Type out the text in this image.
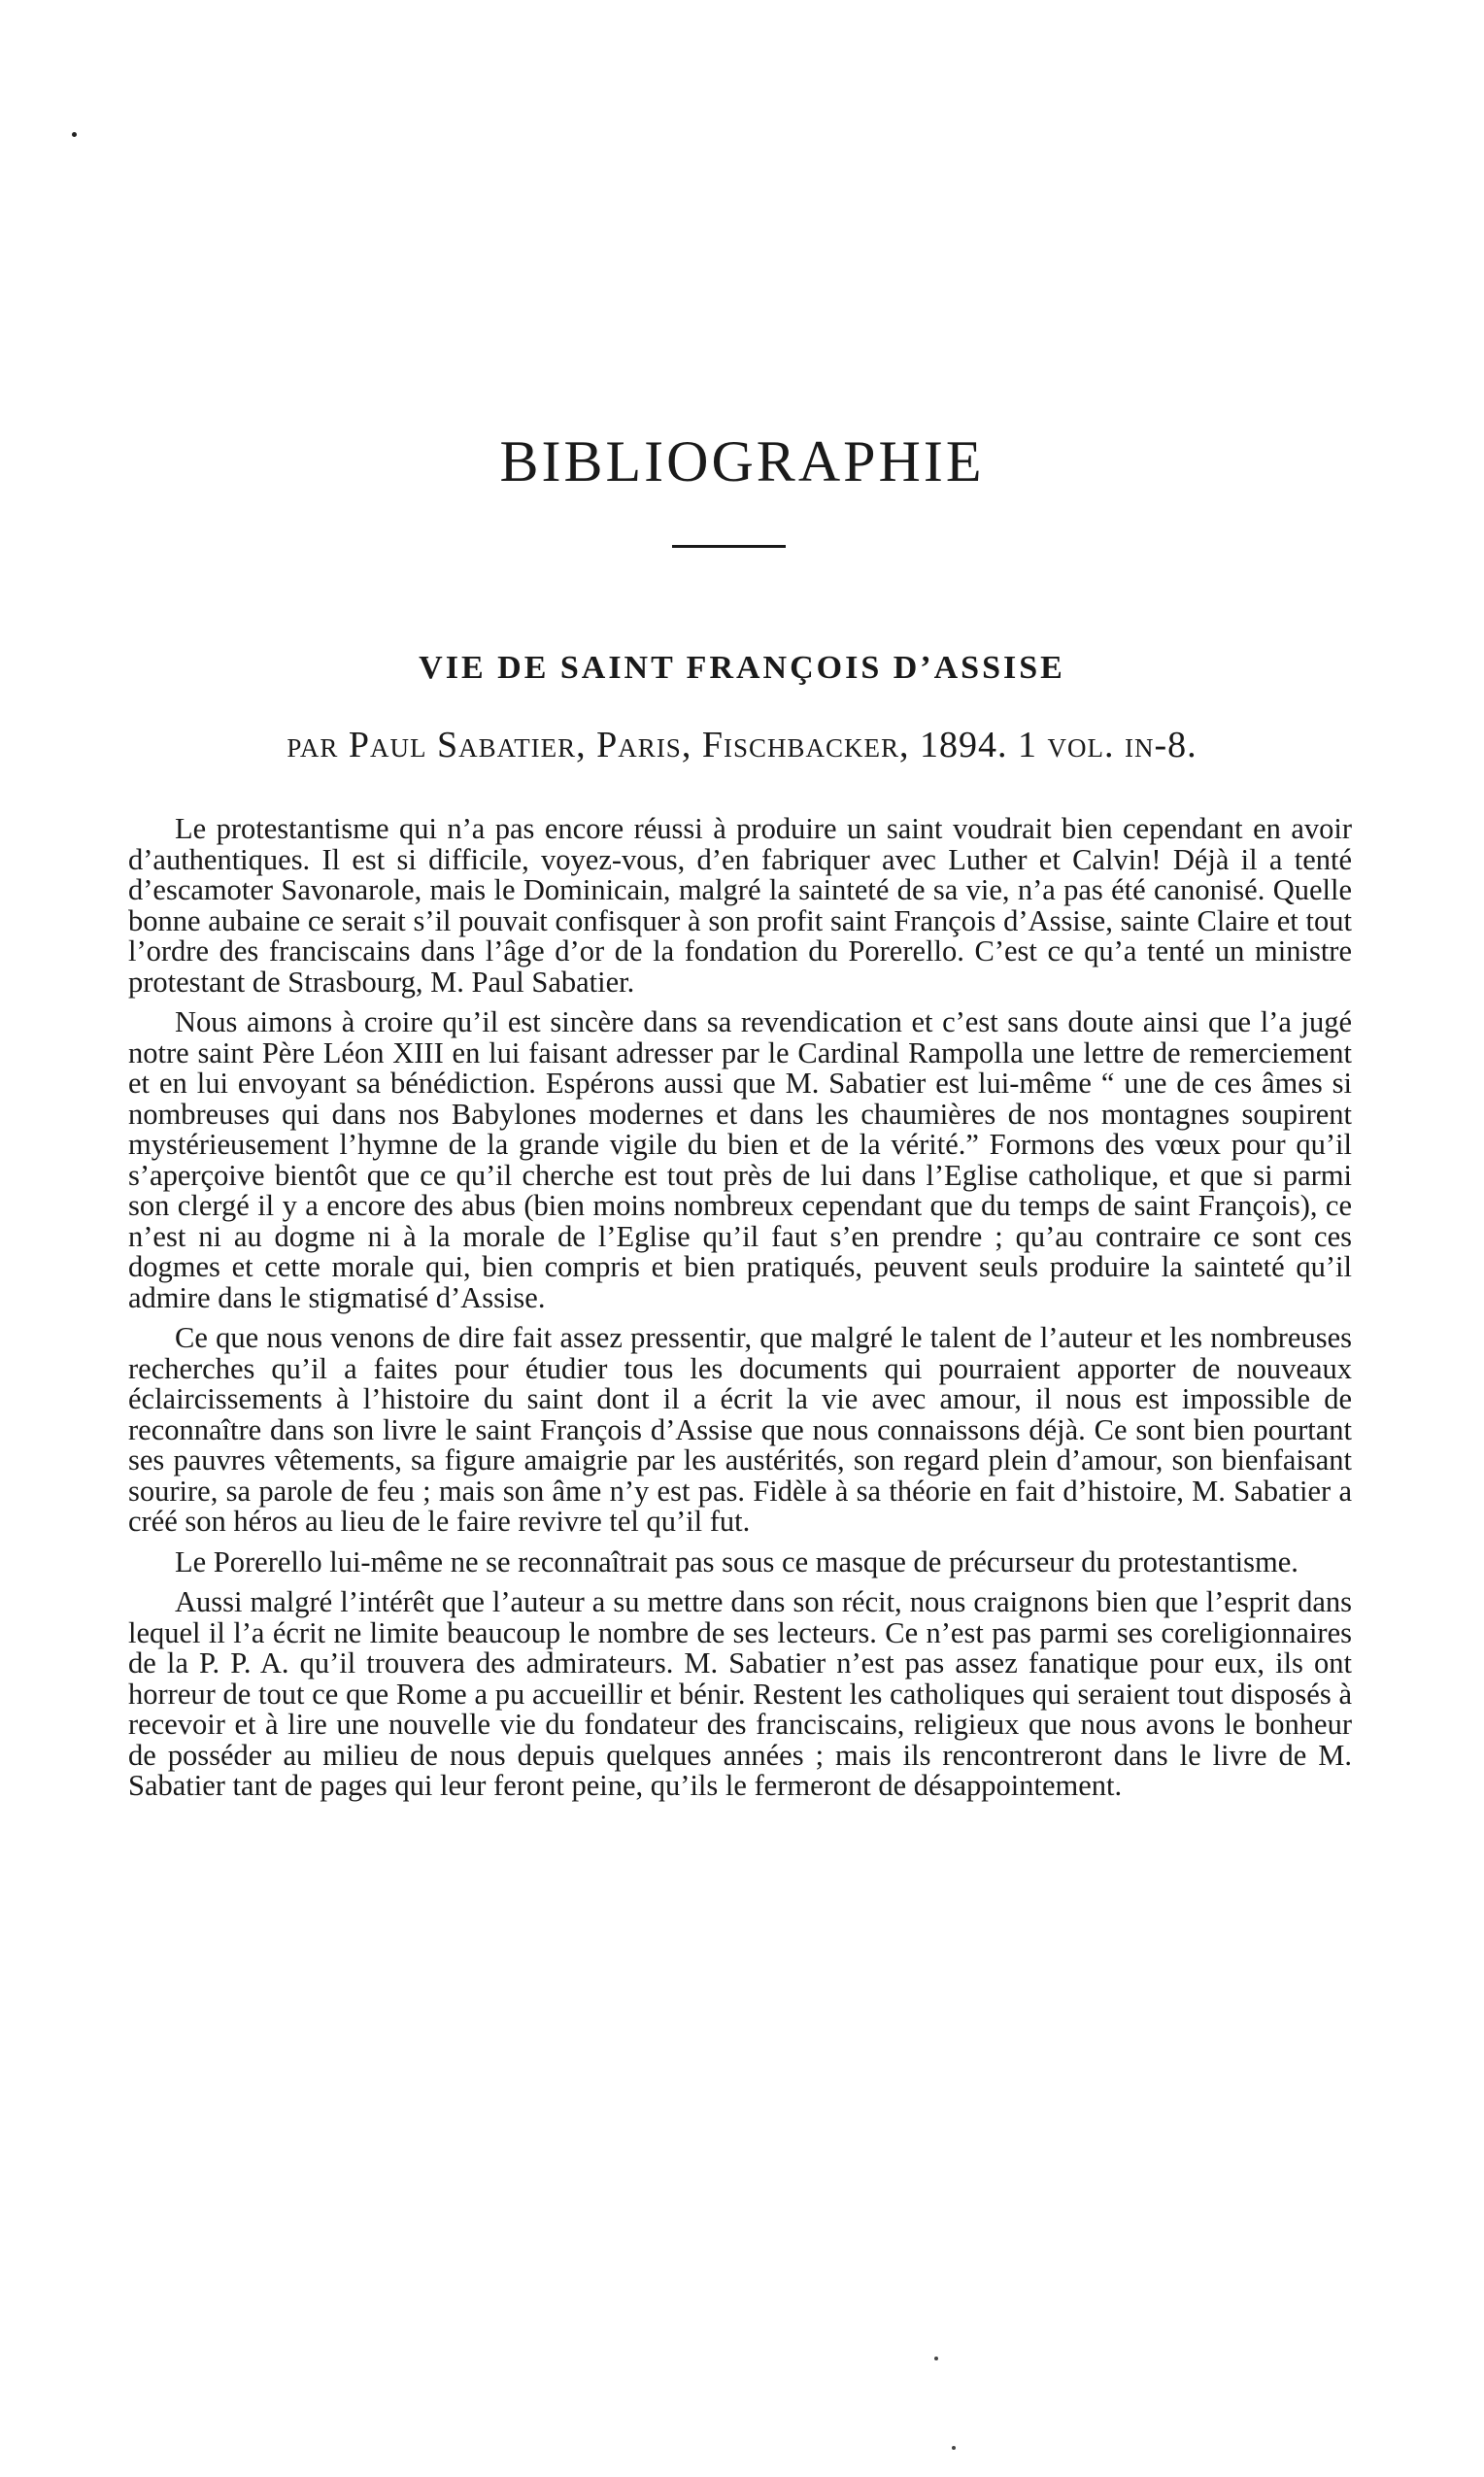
BIBLIOGRAPHIE
VIE DE SAINT FRANÇOIS D’ASSISE
par Paul Sabatier, Paris, Fischbacker, 1894. 1 vol. in-8.

Le protestantisme qui n’a pas encore réussi à produire un saint voudrait bien cependant en avoir d’authentiques. Il est si difficile, voyez-vous, d’en fabriquer avec Luther et Calvin! Déjà il a tenté d’escamoter Savonarole, mais le Dominicain, malgré la sainteté de sa vie, n’a pas été canonisé. Quelle bonne aubaine ce serait s’il pouvait confisquer à son profit saint François d’Assise, sainte Claire et tout l’ordre des franciscains dans l’âge d’or de la fondation du Porerello. C’est ce qu’a tenté un ministre protestant de Strasbourg, M. Paul Sabatier.

Nous aimons à croire qu’il est sincère dans sa revendication et c’est sans doute ainsi que l’a jugé notre saint Père Léon XIII en lui faisant adresser par le Cardinal Rampolla une lettre de remerciement et en lui envoyant sa bénédiction. Espérons aussi que M. Sabatier est lui-même “ une de ces âmes si nombreuses qui dans nos Babylones modernes et dans les chaumières de nos montagnes soupirent mystérieusement l’hymne de la grande vigile du bien et de la vérité.” Formons des vœux pour qu’il s’aperçoive bientôt que ce qu’il cherche est tout près de lui dans l’Eglise catholique, et que si parmi son clergé il y a encore des abus (bien moins nombreux cependant que du temps de saint François), ce n’est ni au dogme ni à la morale de l’Eglise qu’il faut s’en prendre ; qu’au contraire ce sont ces dogmes et cette morale qui, bien compris et bien pratiqués, peuvent seuls produire la sainteté qu’il admire dans le stigmatisé d’Assise.

Ce que nous venons de dire fait assez pressentir, que malgré le talent de l’auteur et les nombreuses recherches qu’il a faites pour étudier tous les documents qui pourraient apporter de nouveaux éclaircissements à l’histoire du saint dont il a écrit la vie avec amour, il nous est impossible de reconnaître dans son livre le saint François d’Assise que nous connaissons déjà. Ce sont bien pourtant ses pauvres vêtements, sa figure amaigrie par les austérités, son regard plein d’amour, son bienfaisant sourire, sa parole de feu ; mais son âme n’y est pas. Fidèle à sa théorie en fait d’histoire, M. Sabatier a créé son héros au lieu de le faire revivre tel qu’il fut.

Le Porerello lui-même ne se reconnaîtrait pas sous ce masque de précurseur du protestantisme.

Aussi malgré l’intérêt que l’auteur a su mettre dans son récit, nous craignons bien que l’esprit dans lequel il l’a écrit ne limite beaucoup le nombre de ses lecteurs. Ce n’est pas parmi ses coreligionnaires de la P. P. A. qu’il trouvera des admirateurs. M. Sabatier n’est pas assez fanatique pour eux, ils ont horreur de tout ce que Rome a pu accueillir et bénir. Restent les catholiques qui seraient tout disposés à recevoir et à lire une nouvelle vie du fondateur des franciscains, religieux que nous avons le bonheur de posséder au milieu de nous depuis quelques années ; mais ils rencontreront dans le livre de M. Sabatier tant de pages qui leur feront peine, qu’ils le fermeront de désappointement.
